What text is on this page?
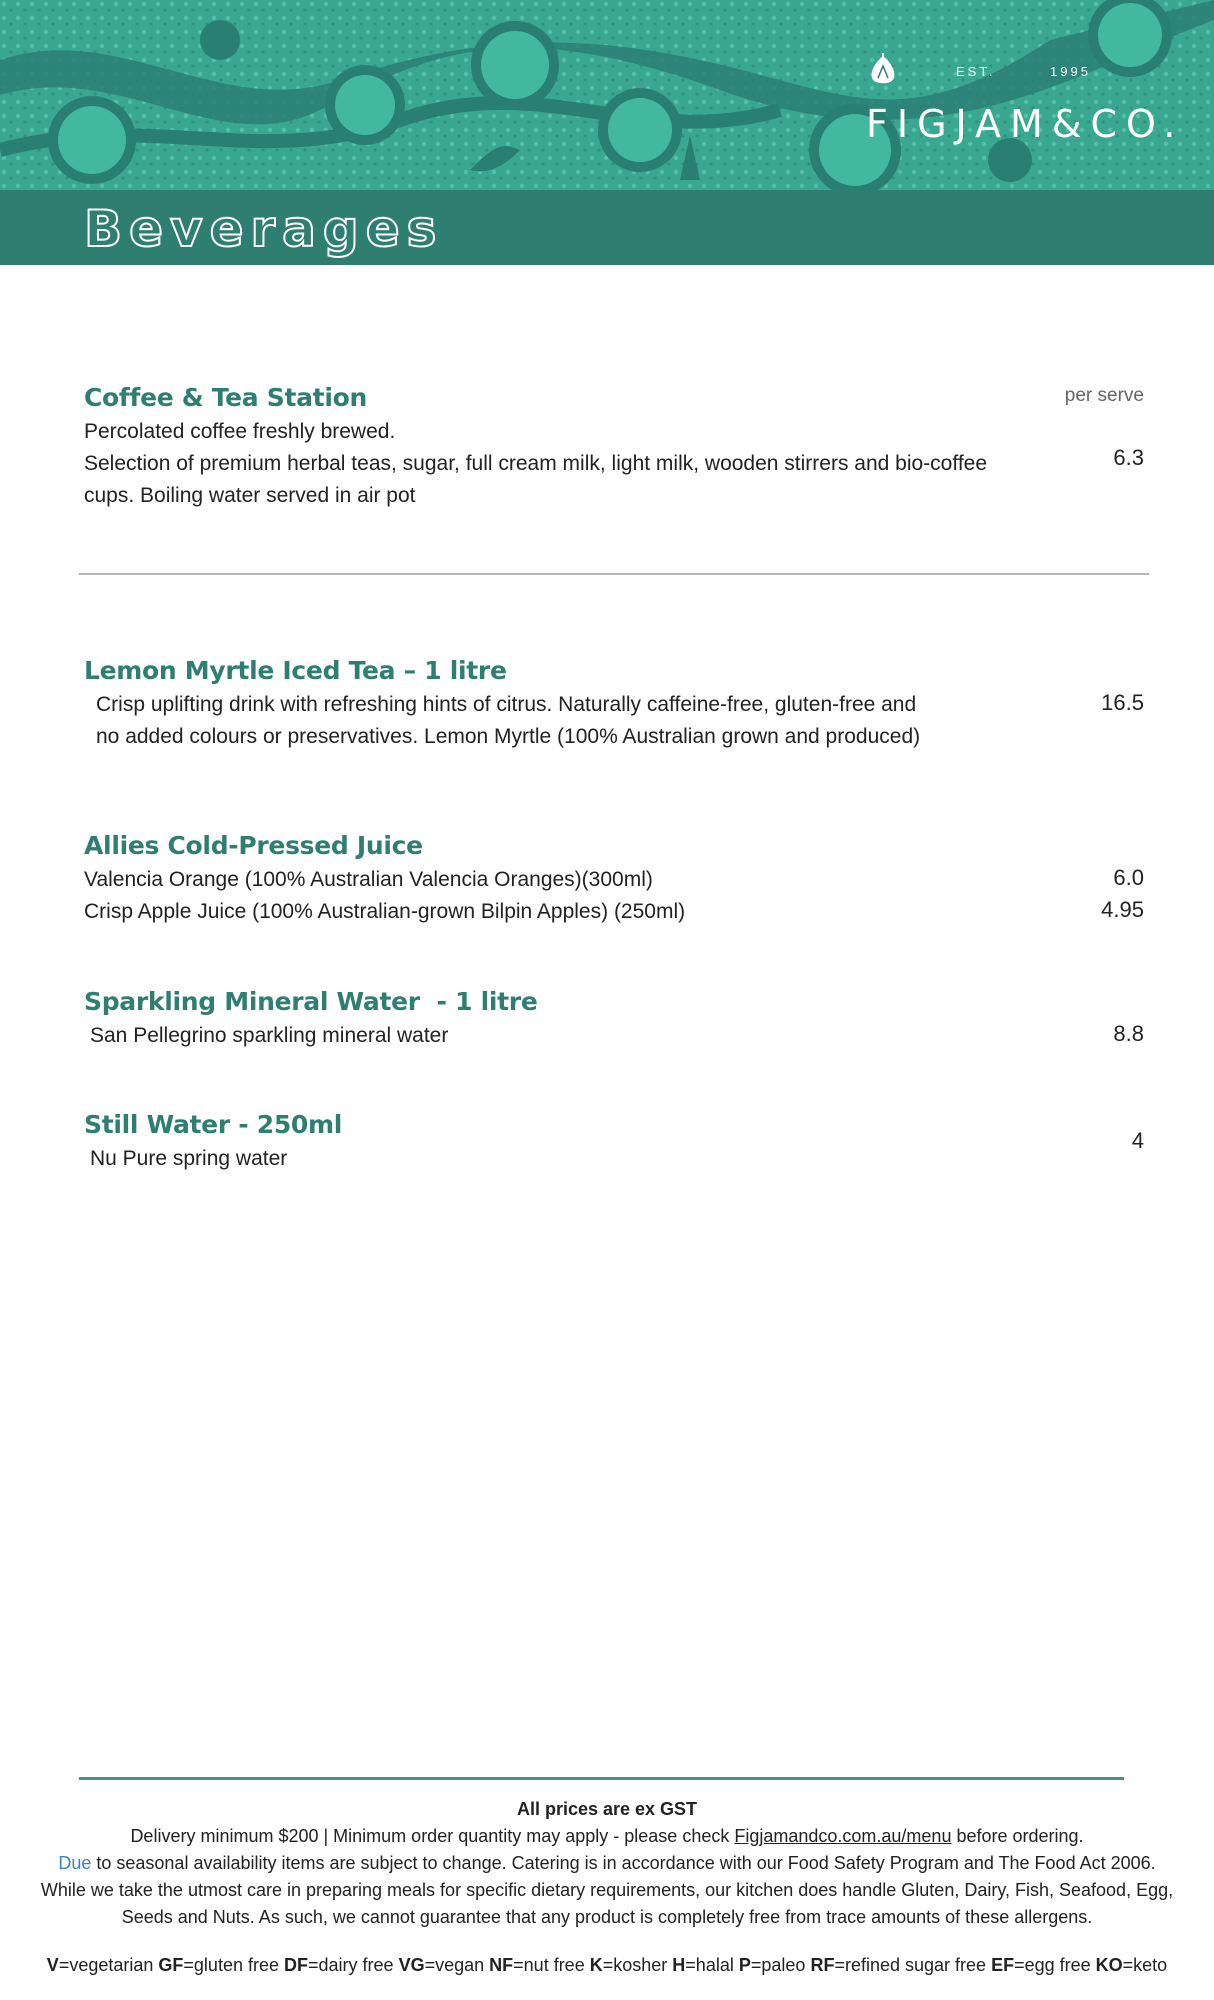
EST.	1995
FIGJAM&CO.
Beverages
Coffee & Tea Station	per serve
Percolated coffee freshly brewed.
Selection of premium herbal teas, sugar, full cream milk, light milk, wooden stirrers and bio-coffee
cups. Boiling water served in air pot
6.3
Lemon Myrtle Iced Tea – 1 litre
Crisp uplifting drink with refreshing hints of citrus. Naturally caffeine-free, gluten-free and
no added colours or preservatives. Lemon Myrtle (100% Australian grown and produced)
16.5
Allies Cold-Pressed Juice
Valencia Orange (100% Australian Valencia Oranges)(300ml)
Crisp Apple Juice (100% Australian-grown Bilpin Apples) (250ml)
6.0
4.95
Sparkling Mineral Water  - 1 litre
San Pellegrino sparkling mineral water	8.8
Still Water - 250ml
Nu Pure spring water
4
All prices are ex GST
Delivery minimum $200 | Minimum order quantity may apply - please check Figjamandco.com.au/menu before ordering.
Due to seasonal availability items are subject to change. Catering is in accordance with our Food Safety Program and The Food Act 2006.
While we take the utmost care in preparing meals for specific dietary requirements, our kitchen does handle Gluten, Dairy, Fish, Seafood, Egg,
Seeds and Nuts. As such, we cannot guarantee that any product is completely free from trace amounts of these allergens.
V=vegetarian GF=gluten free DF=dairy free VG=vegan NF=nut free K=kosher H=halal P=paleo RF=refined sugar free EF=egg free KO=keto
